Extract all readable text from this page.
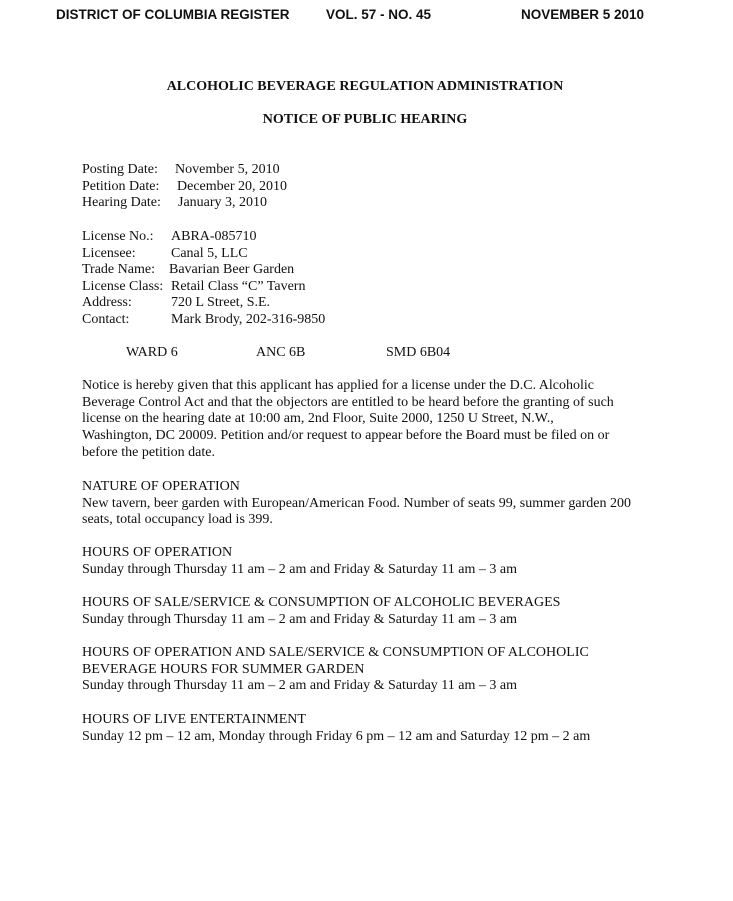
DISTRICT OF COLUMBIA REGISTER	VOL. 57 - NO. 45	NOVEMBER 5 2010
ALCOHOLIC BEVERAGE REGULATION ADMINISTRATION
NOTICE OF PUBLIC HEARING
Posting Date: November 5, 2010
Petition Date: December 20, 2010
Hearing Date: January 3, 2010
License No.: ABRA-085710
Licensee:	Canal 5, LLC
Trade Name: Bavarian Beer Garden
License Class: Retail Class “C” Tavern
Address:	720 L Street, S.E.
Contact:	Mark Brody, 202-316-9850
WARD 6	ANC 6B	SMD 6B04

Notice is hereby given that this applicant has applied for a license under the D.C. Alcoholic

Beverage Control Act and that the objectors are entitled to be heard before the granting of such

license on the hearing date at 10:00 am, 2nd Floor, Suite 2000, 1250 U Street, N.W.,

Washington, DC 20009. Petition and/or request to appear before the Board must be filed on or

before the petition date.

NATURE OF OPERATION

New tavern, beer garden with European/American Food. Number of seats 99, summer garden 200

seats, total occupancy load is 399.

HOURS OF OPERATION

Sunday through Thursday 11 am – 2 am and Friday & Saturday 11 am – 3 am

HOURS OF SALE/SERVICE & CONSUMPTION OF ALCOHOLIC BEVERAGES

Sunday through Thursday 11 am – 2 am and Friday & Saturday 11 am – 3 am

HOURS OF OPERATION AND SALE/SERVICE & CONSUMPTION OF ALCOHOLIC

BEVERAGE HOURS FOR SUMMER GARDEN

Sunday through Thursday 11 am – 2 am and Friday & Saturday 11 am – 3 am

HOURS OF LIVE ENTERTAINMENT

Sunday 12 pm – 12 am, Monday through Friday 6 pm – 12 am and Saturday 12 pm – 2 am
